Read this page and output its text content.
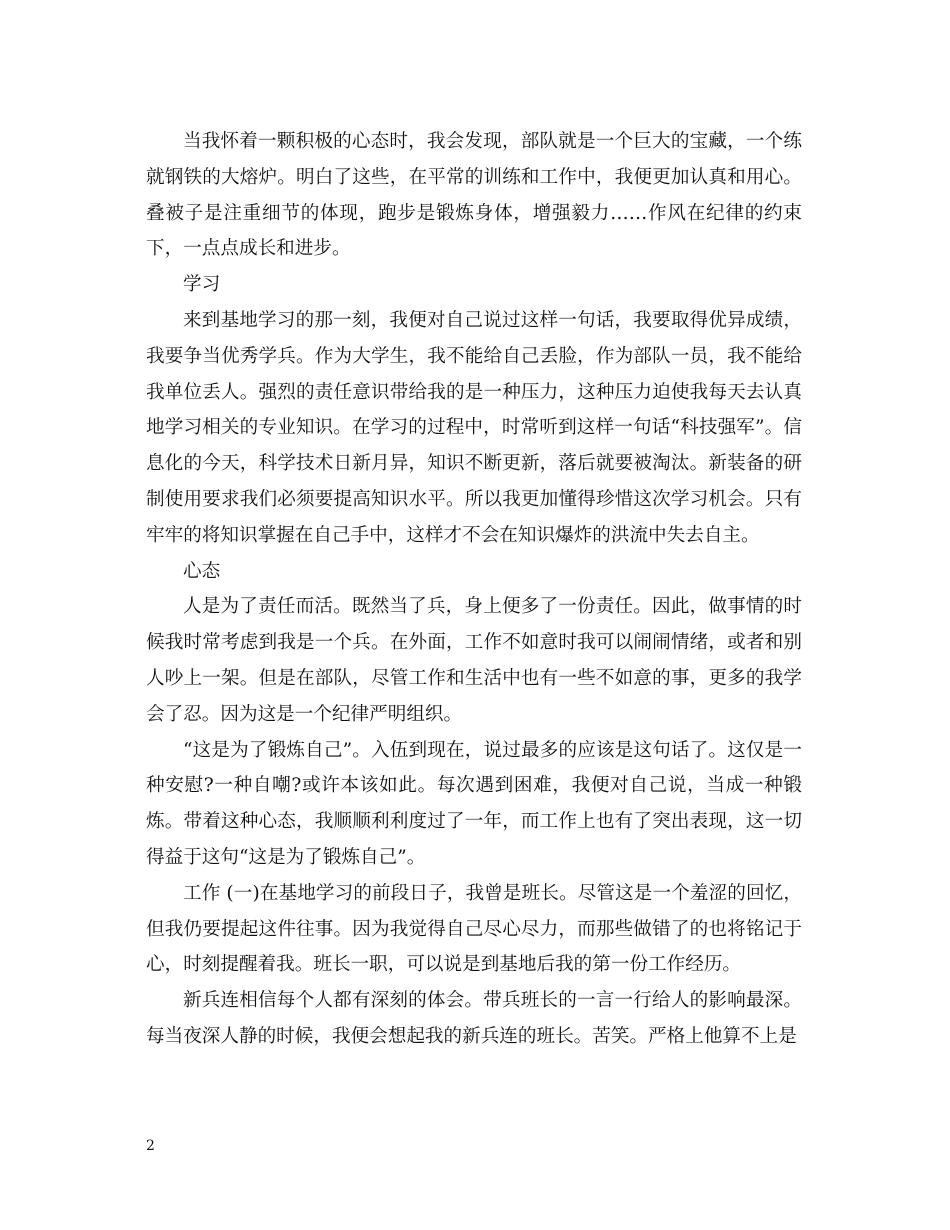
当我怀着一颗积极的心态时，我会发现，部队就是一个巨大的宝藏，一个练就钢铁的大熔炉。明白了这些，在平常的训练和工作中，我便更加认真和用心。叠被子是注重细节的体现，跑步是锻炼身体，增强毅力……作风在纪律的约束下，一点点成长和进步。

学习

来到基地学习的那一刻，我便对自己说过这样一句话，我要取得优异成绩，我要争当优秀学兵。作为大学生，我不能给自己丢脸，作为部队一员，我不能给我单位丢人。强烈的责任意识带给我的是一种压力，这种压力迫使我每天去认真地学习相关的专业知识。在学习的过程中，时常听到这样一句话“科技强军”。信息化的今天，科学技术日新月异，知识不断更新，落后就要被淘汰。新装备的研制使用要求我们必须要提高知识水平。所以我更加懂得珍惜这次学习机会。只有牢牢的将知识掌握在自己手中，这样才不会在知识爆炸的洪流中失去自主。

心态

人是为了责任而活。既然当了兵，身上便多了一份责任。因此，做事情的时候我时常考虑到我是一个兵。在外面，工作不如意时我可以闹闹情绪，或者和别人吵上一架。但是在部队，尽管工作和生活中也有一些不如意的事，更多的我学会了忍。因为这是一个纪律严明组织。

“这是为了锻炼自己”。入伍到现在，说过最多的应该是这句话了。这仅是一种安慰?一种自嘲?或许本该如此。每次遇到困难，我便对自己说，当成一种锻炼。带着这种心态，我顺顺利利度过了一年，而工作上也有了突出表现，这一切得益于这句“这是为了锻炼自己”。

工作 (一)在基地学习的前段日子，我曾是班长。尽管这是一个羞涩的回忆，但我仍要提起这件往事。因为我觉得自己尽心尽力，而那些做错了的也将铭记于心，时刻提醒着我。班长一职，可以说是到基地后我的第一份工作经历。

新兵连相信每个人都有深刻的体会。带兵班长的一言一行给人的影响最深。每当夜深人静的时候，我便会想起我的新兵连的班长。苦笑。严格上他算不上是

2
